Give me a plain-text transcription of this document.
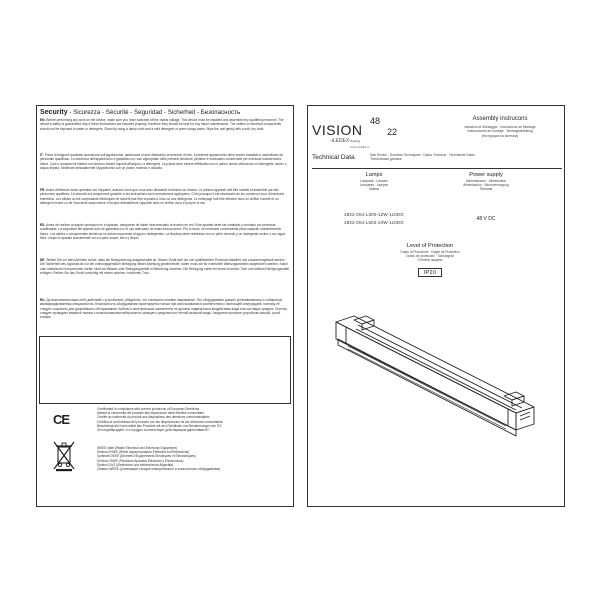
Security - Sicurezza - Sécurité - Seguridad - Sicherheit - Безопасность
EN- Before performing any work on the device, make sure you have switched off the mains voltage. This device must be installed and assembled by qualified personnel. The device's safety is guaranteed only if these instructions are followed properly; therefore they should be kept for any future maintenance. The cables or electrical components should not be exposed to water or detergent. Clean by using a damp cloth and a mild detergent or warm soapy water. Wipe the unit gently with a soft, dry cloth.
IT- Prima di eseguire qualsiasi operazione sull'apparecchio, assicurarsi di aver disinserito la tensione di rete. Il presente apparecchio deve essere installato e assemblato da personale qualificato. La sicurezza dell'apparecchio è garantita con l'uso appropriato delle presenti istruzioni; pertanto è necessario conservarle per eventuali manutenzioni future. Cavi o componenti elettrici non devono essere esposti all'acqua o a detergenti. La pulizia deve essere effettuata con un panno umido utilizzando un detergente neutro o acqua tiepida. Strofinare delicatamente l'apparecchio con un panno morbido e asciutto.
FR- Avant d'effectuer toute opération sur l'appareil, assurez-vous que vous avez désactivé la tension du réseau. Le présent appareil doit être installé et assemblé par des personnes qualifiées. La sécurité est uniquement garantie si les instructions sont correctement appliquées. C'est pourquoi il est nécessaire de les conserver pour d'éventuels entretiens. Les câbles ou les composants électriques ne doivent pas être exposés à l'eau ou aux détergents. Le nettoyage doit être effectué avec un chiffon humide et un détergent neutre ou de l'eau tiède savonneuse. Essuyez délicatement l'appareil avec un chiffon doux et propre et sec.
ES- Antes de realizar cualquier operación en el aparato, asegúrese de haber desconectado la tensión de red. Este aparato debe ser instalado y montado por personas cualificadas. La seguridad del aparato sólo se garantiza con el uso adecuado de estas instrucciones. Por lo tanto, es necesario conservarlas para cualquier mantenimiento futuro. Los cables o componentes eléctricos no deben exponerse al agua o detergentes. La limpieza debe realizarse con un paño húmedo y un detergente neutro o con agua tibia. Limpie el aparato suavemente con un paño suave, seco y limpio.
DE- Stellen Sie vor allen Arbeiten sicher, dass die Netzspannung ausgeschaltet ist. Dieses Gerät darf nur von qualifiziertem Personal installiert und zusammengebaut werden. Die Sicherheit des Apparats ist nur bei ordnungsgemäßer Befolgung dieser Anleitung gewährleistet, daher muss sie für eventuelle Wartungsarbeiten aufgehoben werden. Kabel oder elektrische Komponenten dürfen nicht mit Wasser oder Reinigungsmittel in Berührung kommen. Die Reinigung sollte mit einem feuchten Tuch und mildem Reinigungsmittel erfolgen. Reiben Sie das Gerät vorsichtig mit einem weichen, trockenen Tuch.
RU- До выполнения каких-либо действий с устройством, убедитесь, что отключено сетевое напряжение. Это оборудование должно устанавливаться и собираться квалифицированным специалистом. Безопасность оборудования гарантируется только при использовании в соответствии с настоящей инструкцией, поэтому её следует сохранить для дальнейшего обслуживания. Кабели и электрические компоненты не должны подвергаться воздействию воды или чистящих средств. Очистку следует проводить влажной тканью с использованием нейтрального моющего средства или тёплой мыльной воды. Аккуратно протрите устройство мягкой, сухой тканью.
CE
Certificated in compliance with current provisions of European Directives
Attesta la conformità del prodotto alle disposizioni delle direttive comunitarie
Certifie la conformité du produit aux dispositions des directives communautaires
Certifica la conformidad del producto con las disposiciones de las directivas comunitarias
Bescheinigt die Konformität des Produkts mit den Richtlinien und Bestimmungen der EG
Это подтверждает, что продукт соответствует действующим директивам ЕС
WEEE label (Waste Electrical and Electronic Equipment)
Simbolo RAEE (Rifiuti Apparecchiature Elettriche ed Elettroniche)
Symbole DEEE (Déchets d'Équipements Électriques et Électroniques)
Símbolo RAEE (Residuos Aparatos Eléctricos y Electrónicos)
Symbol EAG (Elektrische und elektronische Altgeräte)
Символ WEEE (утилизация отходов электрического и электронного оборудования)
VISION
48
22
-iLEDEX-lighting
www.iLEDEX.ru
Assembly instrucons
Istruzioni di Montaggio · Instructions de Montage
Instrucciones de montaje · Montageanleitung
Инструкция по монтажу
Technical Data	Dati Tecnici · Données Techniques · Datos Técnicos · Technische Daten
Технические данные
Lamps
Lampade · Lampes
Lamparas · Lampen
Лампы
Power supply
Alimentazione · Alimentation
Alimentación · Stromversorgung
Питание
4822-004-L300-12W-110DG
4822-004-L602-24W-110DG
48 V DC
Level of Protection
Grado di Protezione · Degré de Protection
Grado de protección · Schutzgrad
Степень защиты
IP20
